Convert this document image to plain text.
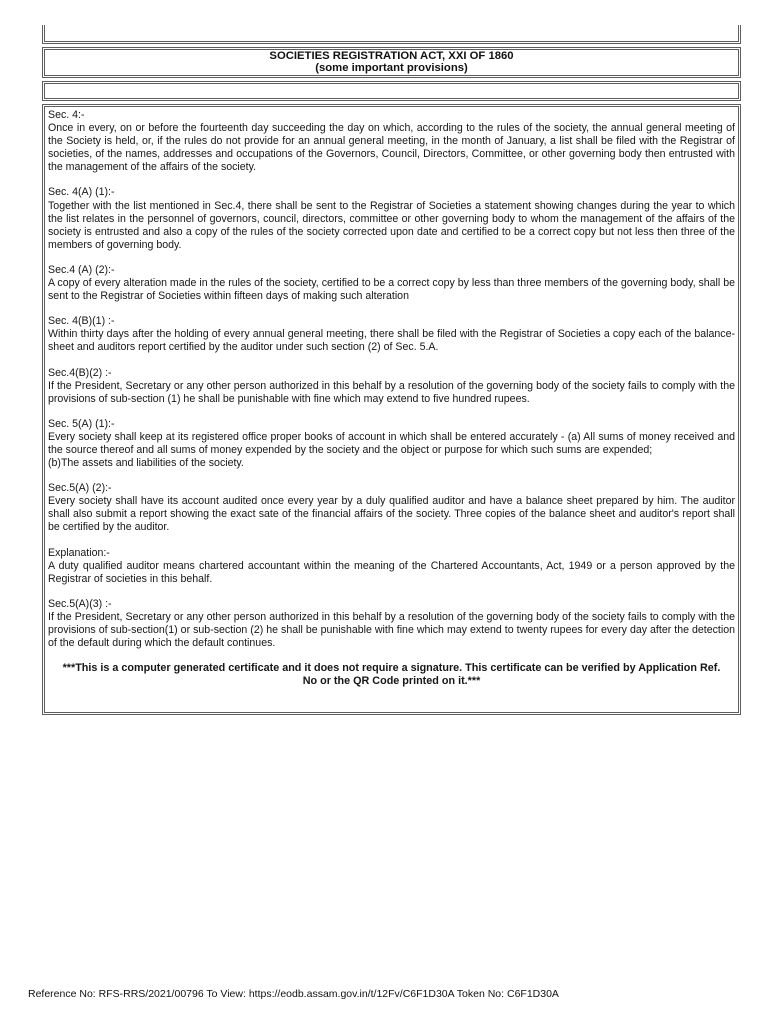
SOCIETIES REGISTRATION ACT, XXI OF 1860
(some important provisions)
Sec. 4:-
Once in every, on or before the fourteenth day succeeding the day on which, according to the rules of the society, the annual general meeting of the Society is held, or, if the rules do not provide for an annual general meeting, in the month of January, a list shall be filed with the Registrar of societies, of the names, addresses and occupations of the Governors, Council, Directors, Committee, or other governing body then entrusted with the management of the affairs of the society.
Sec. 4(A) (1):-
Together with the list mentioned in Sec.4, there shall be sent to the Registrar of Societies a statement showing changes during the year to which the list relates in the personnel of governors, council, directors, committee or other governing body to whom the management of the affairs of the society is entrusted and also a copy of the rules of the society corrected upon date and certified to be a correct copy but not less then three of the members of governing body.
Sec.4 (A) (2):-
A copy of every alteration made in the rules of the society, certified to be a correct copy by less than three members of the governing body, shall be sent to the Registrar of Societies within fifteen days of making such alteration
Sec. 4(B)(1) :-
Within thirty days after the holding of every annual general meeting, there shall be filed with the Registrar of Societies a copy each of the balance-sheet and auditors report certified by the auditor under such section (2) of Sec. 5.A.
Sec.4(B)(2) :-
If the President, Secretary or any other person authorized in this behalf by a resolution of the governing body of the society fails to comply with the provisions of sub-section (1) he shall be punishable with fine which may extend to five hundred rupees.
Sec. 5(A) (1):-
Every society shall keep at its registered office proper books of account in which shall be entered accurately - (a) All sums of money received and the source thereof and all sums of money expended by the society and the object or purpose for which such sums are expended;
(b)The assets and liabilities of the society.
Sec.5(A) (2):-
Every society shall have its account audited once every year by a duly qualified auditor and have a balance sheet prepared by him. The auditor shall also submit a report showing the exact sate of the financial affairs of the society. Three copies of the balance sheet and auditor's report shall be certified by the auditor.
Explanation:-
A duty qualified auditor means chartered accountant within the meaning of the Chartered Accountants, Act, 1949 or a person approved by the Registrar of societies in this behalf.
Sec.5(A)(3) :-
If the President, Secretary or any other person authorized in this behalf by a resolution of the governing body of the society fails to comply with the provisions of sub-section(1) or sub-section (2) he shall be punishable with fine which may extend to twenty rupees for every day after the detection of the default during which the default continues.
***This is a computer generated certificate and it does not require a signature. This certificate can be verified by Application Ref. No or the QR Code printed on it.***
Reference No: RFS-RRS/2021/00796 To View: https://eodb.assam.gov.in/t/12Fv/C6F1D30A Token No: C6F1D30A
